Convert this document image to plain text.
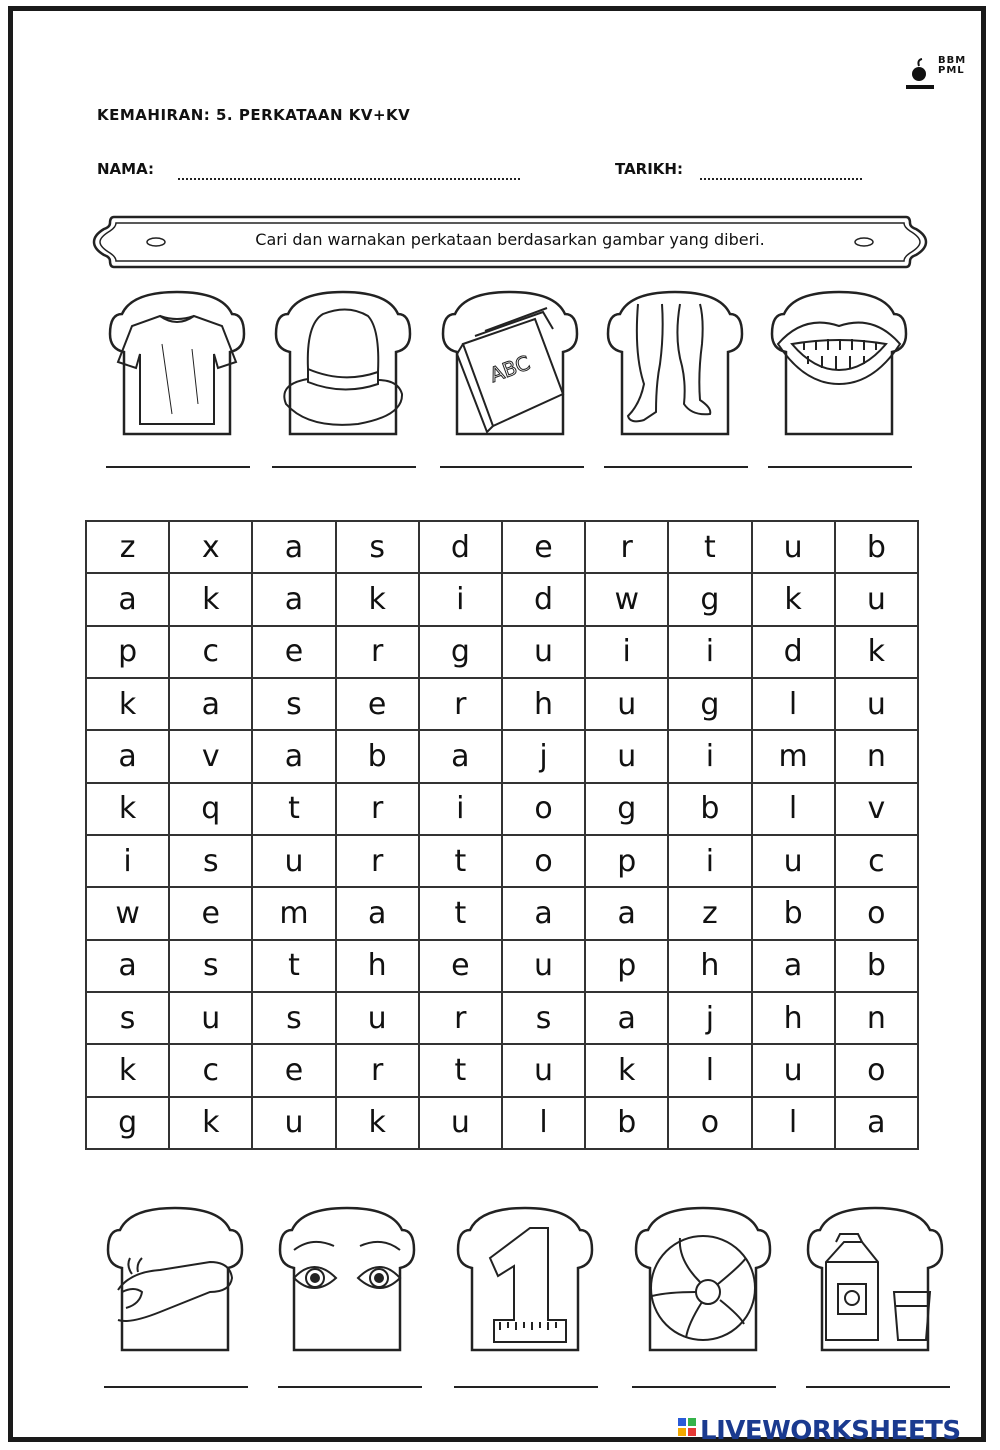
BBM
PML
KEMAHIRAN: 5. PERKATAAN KV+KV
NAMA:	TARIKH:
Cari dan warnakan perkataan berdasarkan gambar yang diberi.
ABC
z	x	a	s	d	e	r	t	u	b
a	k	a	k	i	d	w	g	k	u
p	c	e	r	g	u	i	i	d	k
k	a	s	e	r	h	u	g	l	u
a	v	a	b	a	j	u	i	m	n
k	q	t	r	i	o	g	b	l	v
i	s	u	r	t	o	p	i	u	c
w	e	m	a	t	a	a	z	b	o
a	s	t	h	e	u	p	h	a	b
s	u	s	u	r	s	a	j	h	n
k	c	e	r	t	u	k	l	u	o
g	k	u	k	u	l	b	o	l	a
LIVEWORKSHEETS
